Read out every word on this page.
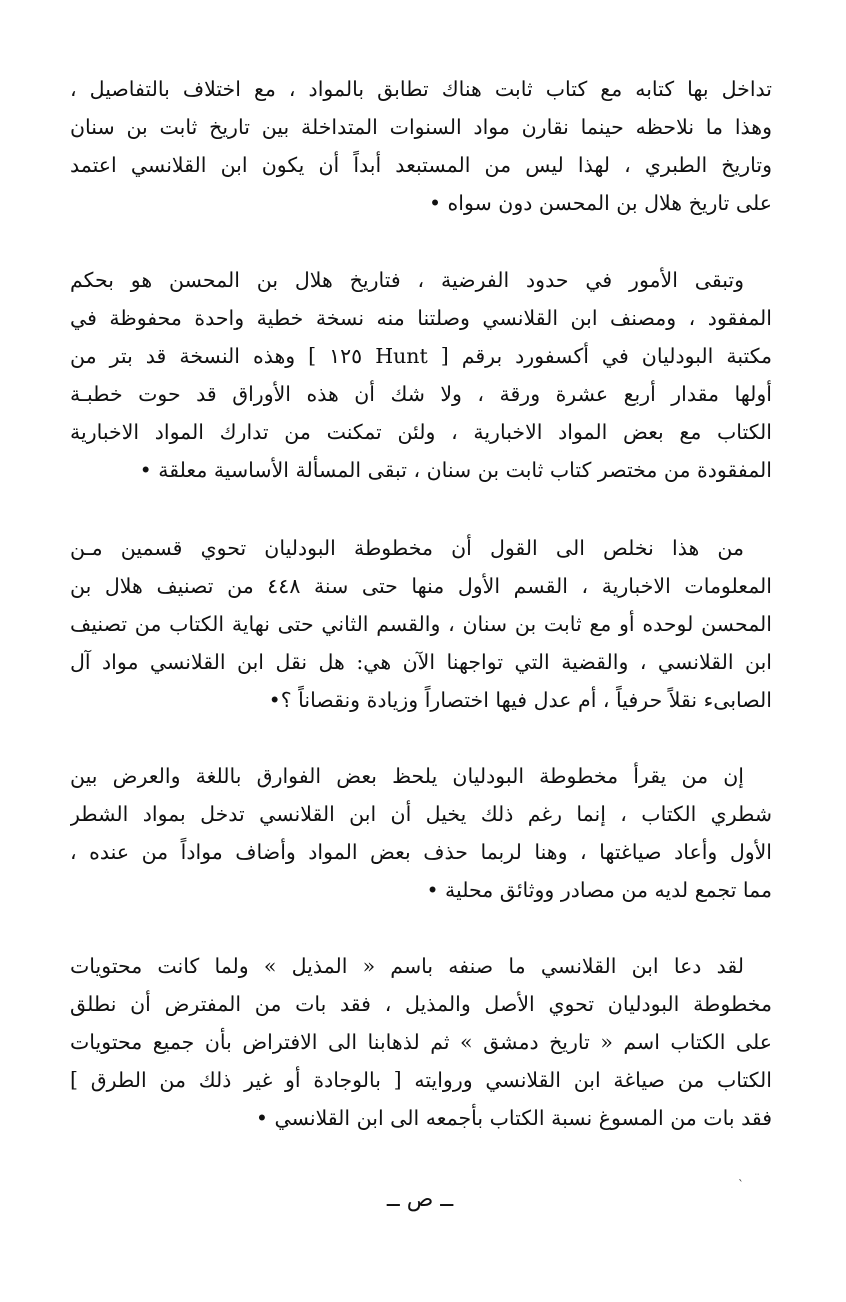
تداخل بها كتابه مع كتاب ثابت هناك تطابق بالمواد ، مع اختلاف بالتفاصيل ،
وهذا ما نلاحظه حينما نقارن مواد السنوات المتداخلة بين تاريخ ثابت بن سنان
وتاريخ الطبري ، لهذا ليس من المستبعد أبداً أن يكون ابن القلانسي اعتمد
على تاريخ هلال بن المحسن دون سواه •
وتبقى الأمور في حدود الفرضية ، فتاريخ هلال بن المحسن هو بحكم
المفقود ، ومصنف ابن القلانسي وصلتنا منه نسخة خطية واحدة محفوظة في
مكتبة البودليان في أكسفورد برقم [ Hunt ١٢٥ ] وهذه النسخة قد بتر من
أولها مقدار أربع عشرة ورقة ، ولا شك أن هذه الأوراق قد حوت خطبـة
الكتاب مع بعض المواد الاخبارية ، ولئن تمكنت من تدارك المواد الاخبارية
المفقودة من مختصر كتاب ثابت بن سنان ، تبقى المسألة الأساسية معلقة •
من هذا نخلص الى القول أن مخطوطة البودليان تحوي قسمين مـن
المعلومات الاخبارية ، القسم الأول منها حتى سنة ٤٤٨ من تصنيف هلال بن
المحسن لوحده أو مع ثابت بن سنان ، والقسم الثاني حتى نهاية الكتاب من تصنيف
ابن القلانسي ، والقضية التي تواجهنا الآن هي: هل نقل ابن القلانسي مواد آل
الصابىء نقلاً حرفياً ، أم عدل فيها اختصاراً وزيادة ونقصاناً ؟•
إن من يقرأ مخطوطة البودليان يلحظ بعض الفوارق باللغة والعرض بين
شطري الكتاب ، إنما رغم ذلك يخيل أن ابن القلانسي تدخل بمواد الشطر
الأول وأعاد صياغتها ، وهنا لربما حذف بعض المواد وأضاف مواداً من عنده ،
مما تجمع لديه من مصادر ووثائق محلية •
لقد دعا ابن القلانسي ما صنفه باسم « المذيل » ولما كانت محتويات
مخطوطة البودليان تحوي الأصل والمذيل ، فقد بات من المفترض أن نطلق
على الكتاب اسم « تاريخ دمشق » ثم لذهابنا الى الافتراض بأن جميع محتويات
الكتاب من صياغة ابن القلانسي وروايته [ بالوجادة أو غير ذلك من الطرق ]
فقد بات من المسوغ نسبة الكتاب بأجمعه الى ابن القلانسي •
ˋ
ــ ص ــ
